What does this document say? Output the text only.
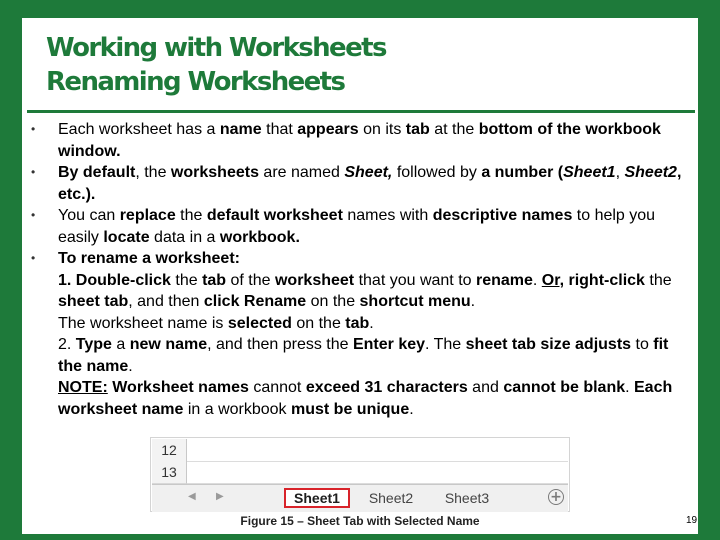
Working with Worksheets
Renaming Worksheets
• Each worksheet has a name that appears on its tab at the bottom of the workbook window.
• By default, the worksheets are named Sheet, followed by a number (Sheet1, Sheet2, etc.).
• You can replace the default worksheet names with descriptive names to help you easily locate data in a workbook.
• To rename a worksheet:
1. Double-click the tab of the worksheet that you want to rename. Or, right-click the sheet tab, and then click Rename on the shortcut menu.
The worksheet name is selected on the tab.
2. Type a new name, and then press the Enter key. The sheet tab size adjusts to fit the name.
NOTE: Worksheet names cannot exceed 31 characters and cannot be blank. Each worksheet name in a workbook must be unique.
19
12
13
◀ ▶	Sheet1	Sheet2	Sheet3	+
Figure 15 – Sheet Tab with Selected Name
